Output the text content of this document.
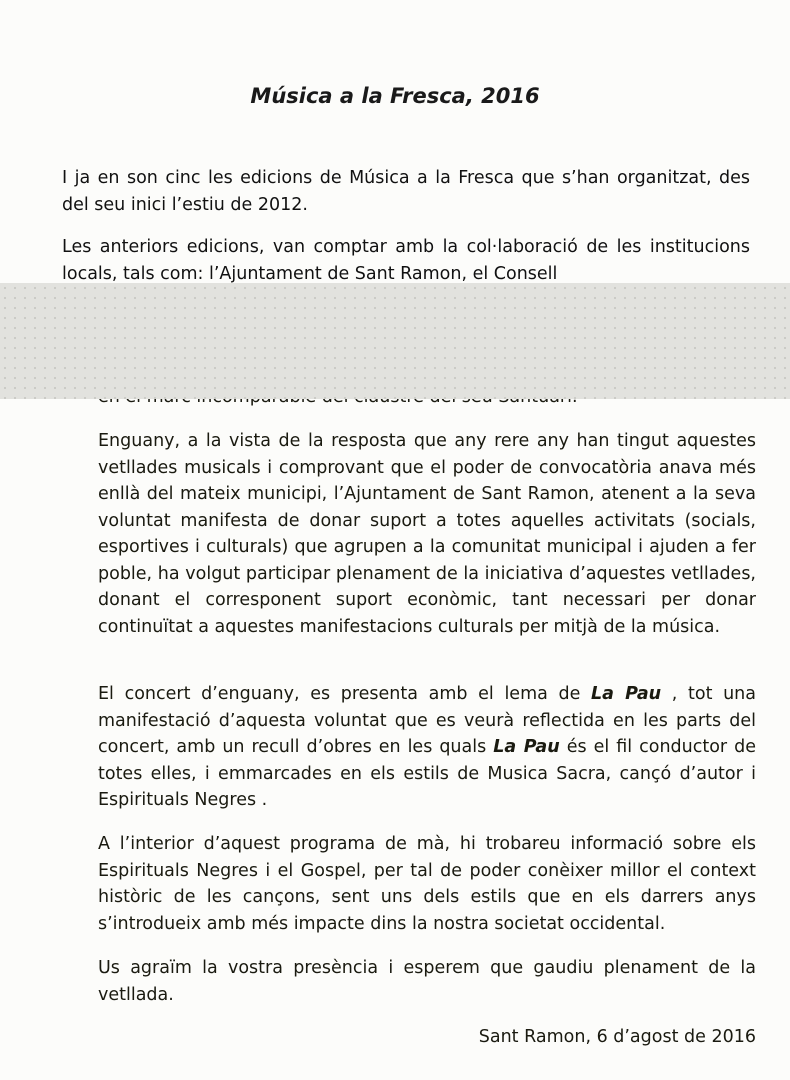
Música a la Fresca, 2016
I ja en son cinc les edicions de Música a la Fresca que s’han organitzat, des del seu inici l’estiu de 2012.
Les anteriors edicions, van comptar amb la col·laboració de les institucions locals, tals com: l’Ajuntament de Sant Ramon, el Consell
Enguany, a la vista de la resposta que any rere any han tingut aquestes vetllades musicals i comprovant que el poder de convocatòria anava més enllà del mateix municipi, l’Ajuntament de Sant Ramon, atenent a la seva voluntat manifesta de donar suport a totes aquelles activitats (socials, esportives i culturals) que agrupen a la comunitat municipal i ajuden a fer poble, ha volgut participar plenament de la iniciativa d’aquestes vetllades, donant el corresponent suport econòmic, tant necessari per donar continuïtat a aquestes manifestacions culturals per mitjà de la música.
El concert d’enguany, es presenta amb el lema de La Pau , tot una manifestació d’aquesta voluntat que es veurà reflectida en les parts del concert, amb un recull d’obres en les quals La Pau és el fil conductor de totes elles, i emmarcades en els estils de Musica Sacra, cançó d’autor i Espirituals Negres .
A l’interior d’aquest programa de mà, hi trobareu informació sobre els Espirituals Negres i el Gospel, per tal de poder conèixer millor el context històric de les cançons, sent uns dels estils que en els darrers anys s’introdueix amb més impacte dins la nostra societat occidental.
Us agraïm la vostra presència i esperem que gaudiu plenament de la vetllada.
Sant Ramon, 6 d’agost de 2016
